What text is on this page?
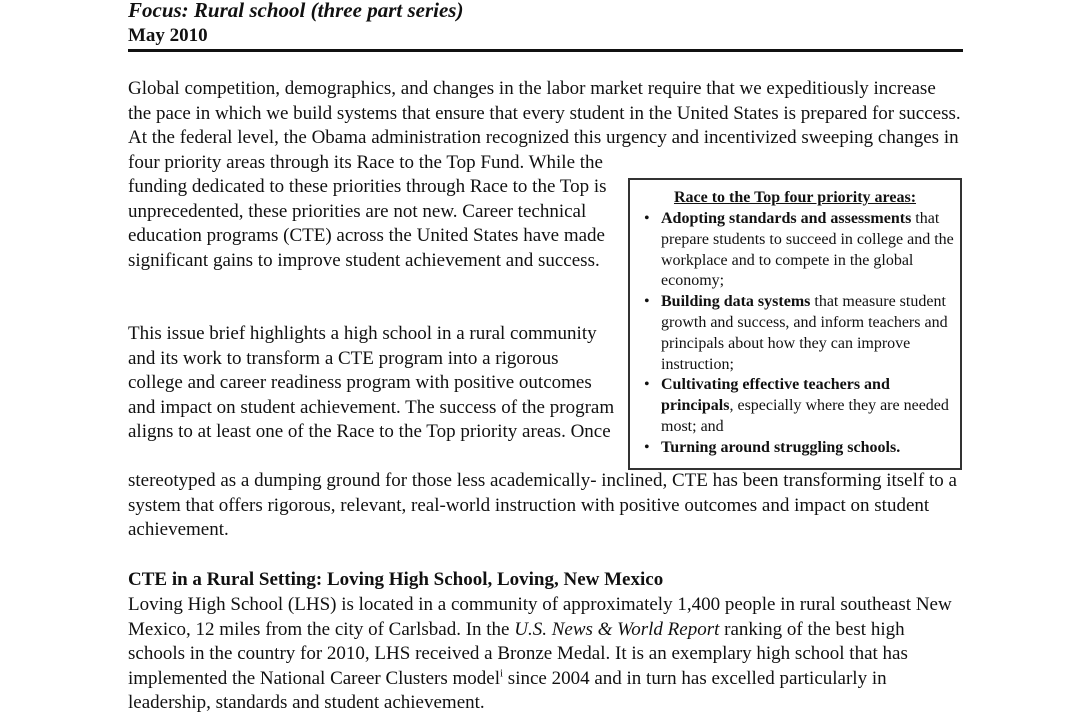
Focus: Rural school (three part series)
May 2010
Global competition, demographics, and changes in the labor market require that we expeditiously increase the pace in which we build systems that ensure that every student in the United States is prepared for success. At the federal level, the Obama administration recognized this urgency and incentivized sweeping changes in four priority areas through its Race to the Top Fund. While the
funding dedicated to these priorities through Race to the Top is unprecedented, these priorities are not new. Career technical education programs (CTE) across the United States have made significant gains to improve student achievement and success.
Race to the Top four priority areas:
• Adopting standards and assessments that prepare students to succeed in college and the workplace and to compete in the global economy;
• Building data systems that measure student growth and success, and inform teachers and principals about how they can improve instruction;
• Cultivating effective teachers and principals, especially where they are needed most; and
• Turning around struggling schools.
This issue brief highlights a high school in a rural community and its work to transform a CTE program into a rigorous college and career readiness program with positive outcomes and impact on student achievement. The success of the program aligns to at least one of the Race to the Top priority areas. Once
stereotyped as a dumping ground for those less academically- inclined, CTE has been transforming itself to a system that offers rigorous, relevant, real-world instruction with positive outcomes and impact on student achievement.
CTE in a Rural Setting: Loving High School, Loving, New Mexico
Loving High School (LHS) is located in a community of approximately 1,400 people in rural southeast New Mexico, 12 miles from the city of Carlsbad. In the U.S. News & World Report ranking of the best high schools in the country for 2010, LHS received a Bronze Medal. It is an exemplary high school that has implemented the National Career Clusters model$^i$ since 2004 and in turn has excelled particularly in leadership, standards and student achievement.
